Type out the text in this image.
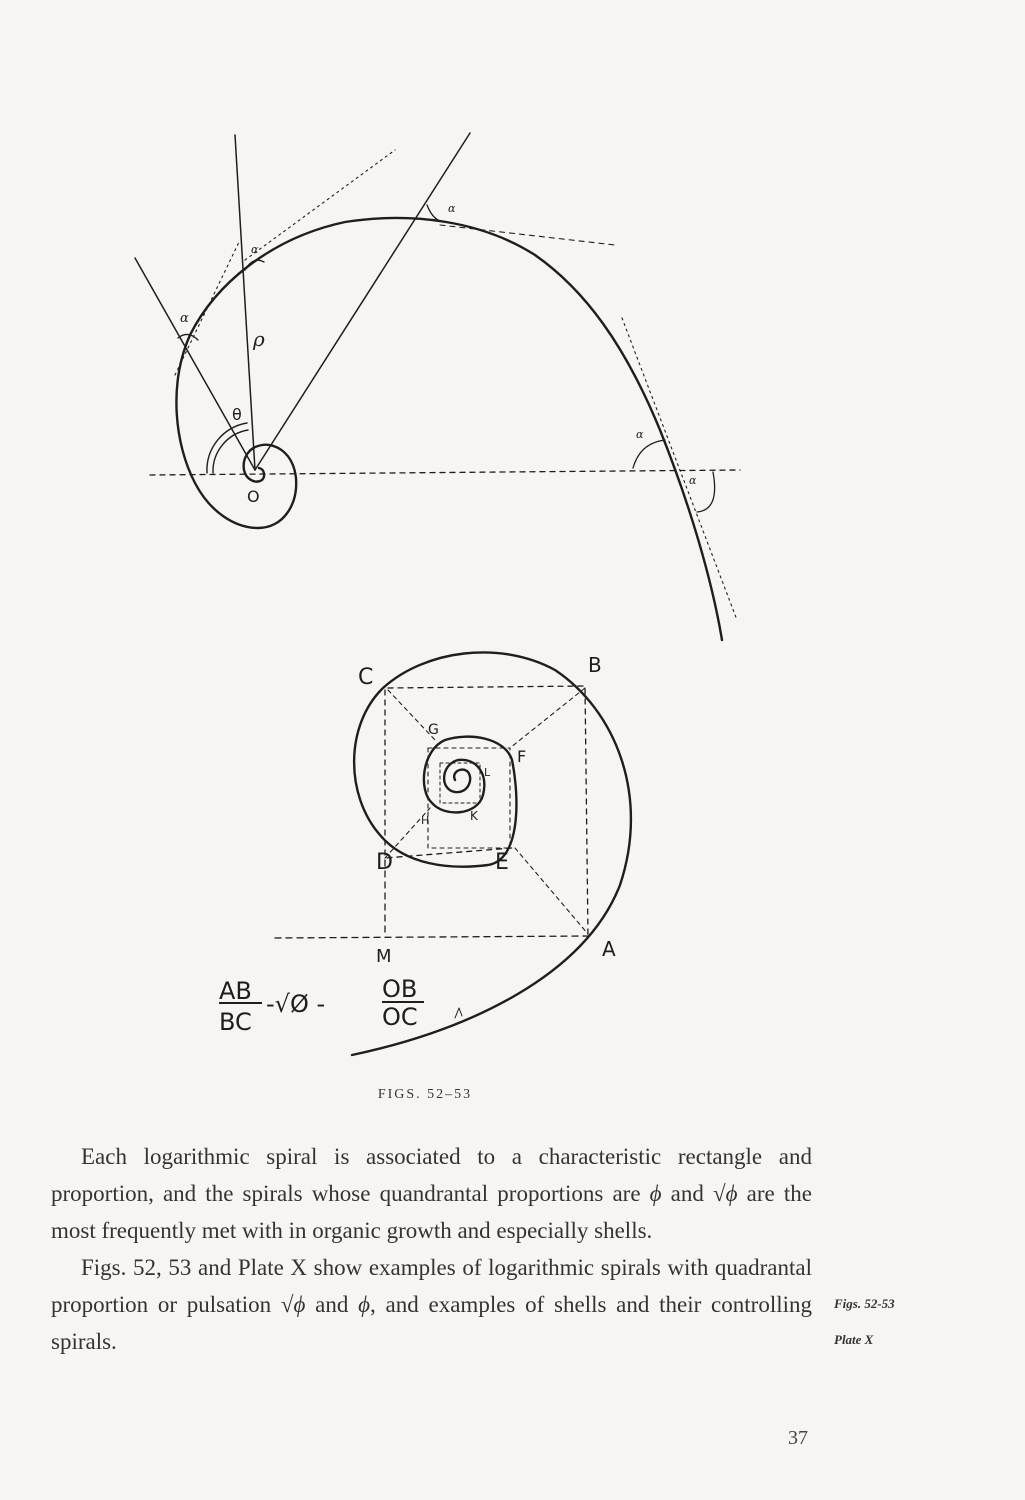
α
α
α
α
α
ρ
θ
O
C	B
G
F
L
H	K
D	E
A
M
AB
BC
-√Ø -
OB
OC
FIGS. 52–53

Each logarithmic spiral is associated to a characteristic rectangle and proportion, and the spirals whose quandrantal proportions are ϕ and √ϕ are the most frequently met with in organic growth and especially shells.

Figs. 52, 53 and Plate X show examples of logarithmic spirals with quadrantal proportion or pulsation √ϕ and ϕ, and examples of shells and their controlling spirals.

Figs. 52-53
Plate X
37
